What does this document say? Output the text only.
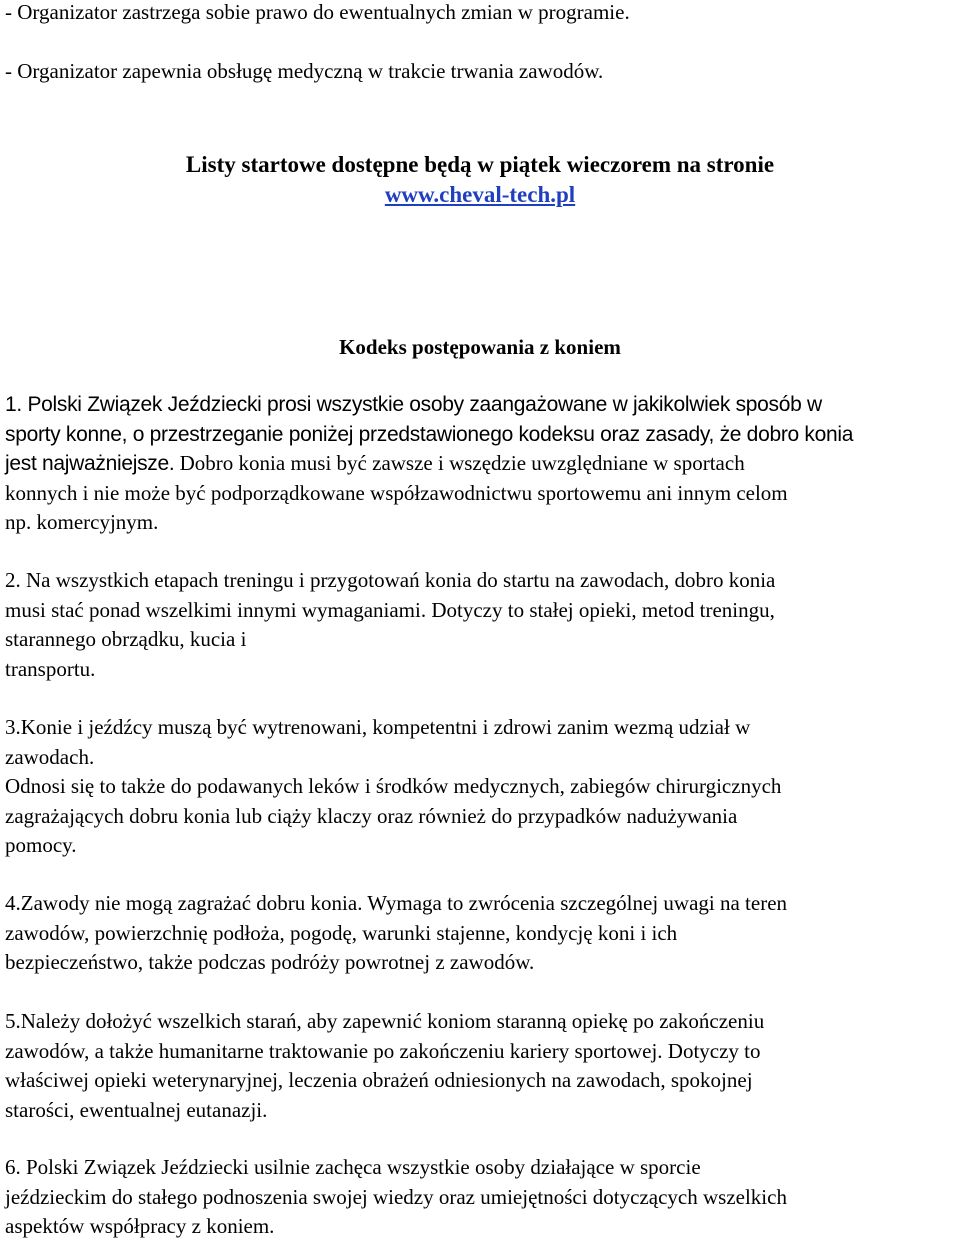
- Organizator zastrzega sobie prawo do ewentualnych zmian w programie.
- Organizator zapewnia obsługę medyczną w trakcie trwania zawodów.
Listy startowe dostępne będą w piątek wieczorem na stronie
www.cheval-tech.pl
Kodeks postępowania z koniem
1. Polski Związek Jeździecki prosi wszystkie osoby zaangażowane w jakikolwiek sposób w
sporty konne, o przestrzeganie poniżej przedstawionego kodeksu oraz zasady, że dobro konia
jest najważniejsze. Dobro konia musi być zawsze i wszędzie uwzględniane w sportach
konnych i nie może być podporządkowane współzawodnictwu sportowemu ani innym celom
np. komercyjnym.
2. Na wszystkich etapach treningu i przygotowań konia do startu na zawodach, dobro konia
musi stać ponad wszelkimi innymi wymaganiami. Dotyczy to stałej opieki, metod treningu,
starannego obrządku, kucia i
transportu.
3.Konie i jeźdźcy muszą być wytrenowani, kompetentni i zdrowi zanim wezmą udział w
zawodach.
Odnosi się to także do podawanych leków i środków medycznych, zabiegów chirurgicznych
zagrażających dobru konia lub ciąży klaczy oraz również do przypadków nadużywania
pomocy.
4.Zawody nie mogą zagrażać dobru konia. Wymaga to zwrócenia szczególnej uwagi na teren
zawodów, powierzchnię podłoża, pogodę, warunki stajenne, kondycję koni i ich
bezpieczeństwo, także podczas podróży powrotnej z zawodów.
5.Należy dołożyć wszelkich starań, aby zapewnić koniom staranną opiekę po zakończeniu
zawodów, a także humanitarne traktowanie po zakończeniu kariery sportowej. Dotyczy to
właściwej opieki weterynaryjnej, leczenia obrażeń odniesionych na zawodach, spokojnej
starości, ewentualnej eutanazji.
6. Polski Związek Jeździecki usilnie zachęca wszystkie osoby działające w sporcie
jeździeckim do stałego podnoszenia swojej wiedzy oraz umiejętności dotyczących wszelkich
aspektów współpracy z koniem.
